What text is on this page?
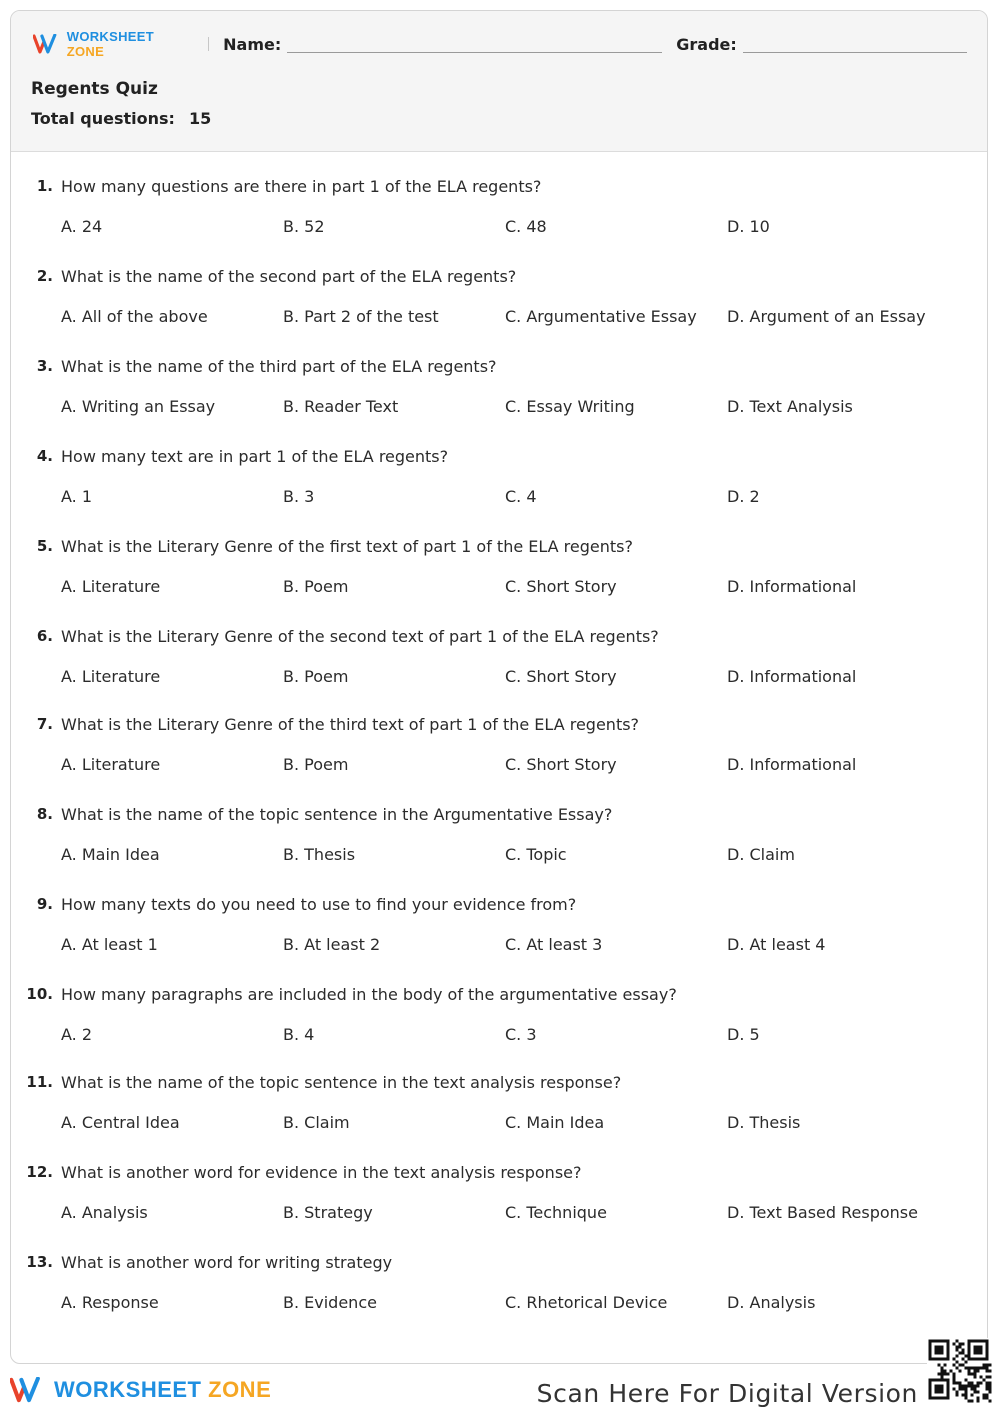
WORKSHEET ZONE	Name:	Grade:
Regents Quiz
Total questions: 15
1. How many questions are there in part 1 of the ELA regents?
A. 24	B. 52	C. 48	D. 10
2. What is the name of the second part of the ELA regents?
A. All of the above	B. Part 2 of the test	C. Argumentative Essay D. Argument of an Essay
3. What is the name of the third part of the ELA regents?
A. Writing an Essay	B. Reader Text	C. Essay Writing	D. Text Analysis
4. How many text are in part 1 of the ELA regents?
A. 1	B. 3	C. 4	D. 2
5. What is the Literary Genre of the first text of part 1 of the ELA regents?
A. Literature	B. Poem	C. Short Story	D. Informational
6. What is the Literary Genre of the second text of part 1 of the ELA regents?
A. Literature	B. Poem	C. Short Story	D. Informational
7. What is the Literary Genre of the third text of part 1 of the ELA regents?
A. Literature	B. Poem	C. Short Story	D. Informational
8. What is the name of the topic sentence in the Argumentative Essay?
A. Main Idea	B. Thesis	C. Topic	D. Claim
9. How many texts do you need to use to find your evidence from?
A. At least 1	B. At least 2	C. At least 3	D. At least 4
10. How many paragraphs are included in the body of the argumentative essay?
A. 2	B. 4	C. 3	D. 5
11. What is the name of the topic sentence in the text analysis response?
A. Central Idea	B. Claim	C. Main Idea	D. Thesis
12. What is another word for evidence in the text analysis response?
A. Analysis	B. Strategy	C. Technique	D. Text Based Response
13. What is another word for writing strategy
A. Response	B. Evidence	C. Rhetorical Device	D. Analysis
WORKSHEET ZONE	Scan Here For Digital Version
